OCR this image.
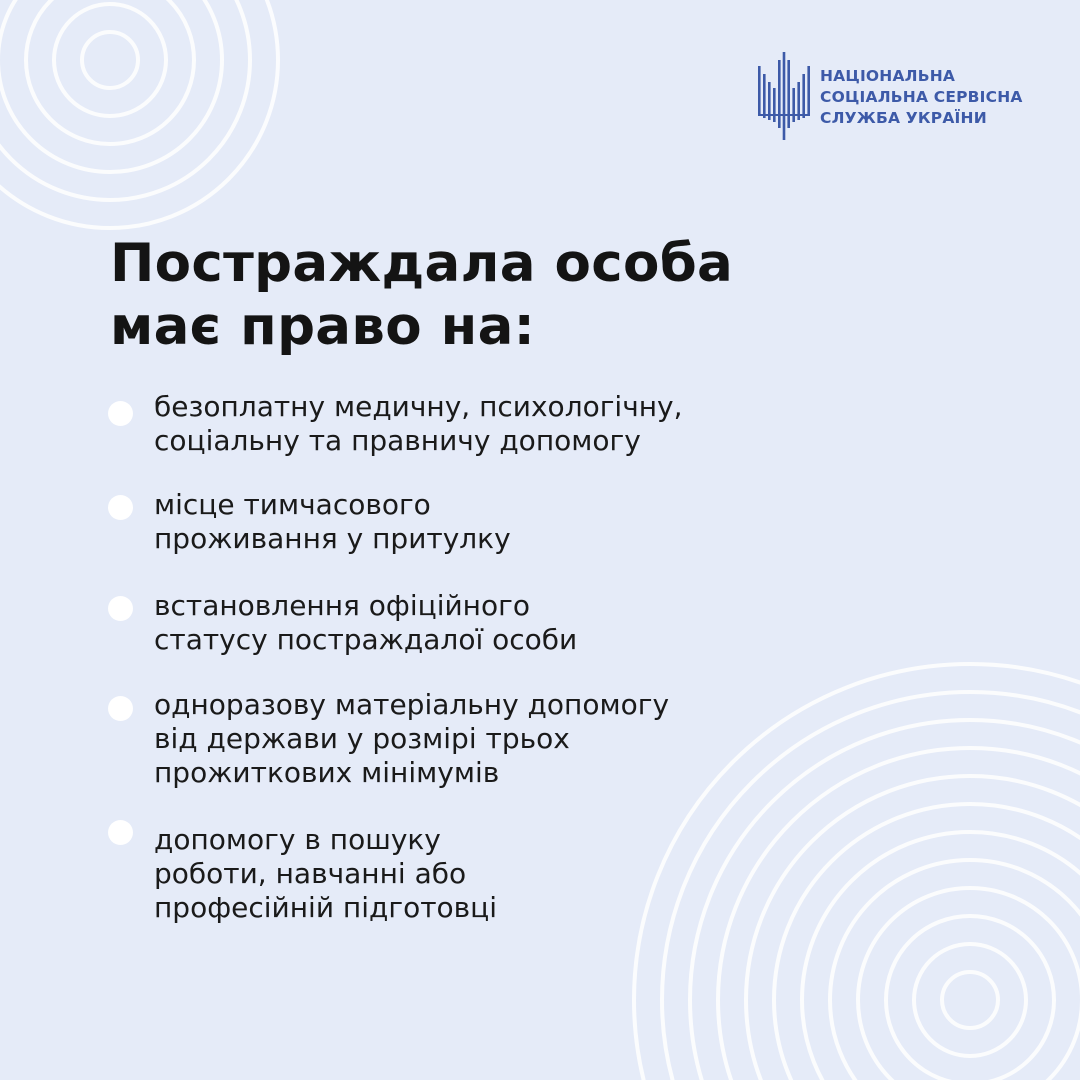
НАЦІОНАЛЬНА
СОЦІАЛЬНА СЕРВІСНА
СЛУЖБА УКРАЇНИ
Постраждала особа
має право на:
безоплатну медичну, психологічну,
соціальну та правничу допомогу
місце тимчасового
проживання у притулку
встановлення офіційного
статусу постраждалої особи
одноразову матеріальну допомогу
від держави у розмірі трьох
прожиткових мінімумів
допомогу в пошуку
роботи, навчанні або
професійній підготовці
